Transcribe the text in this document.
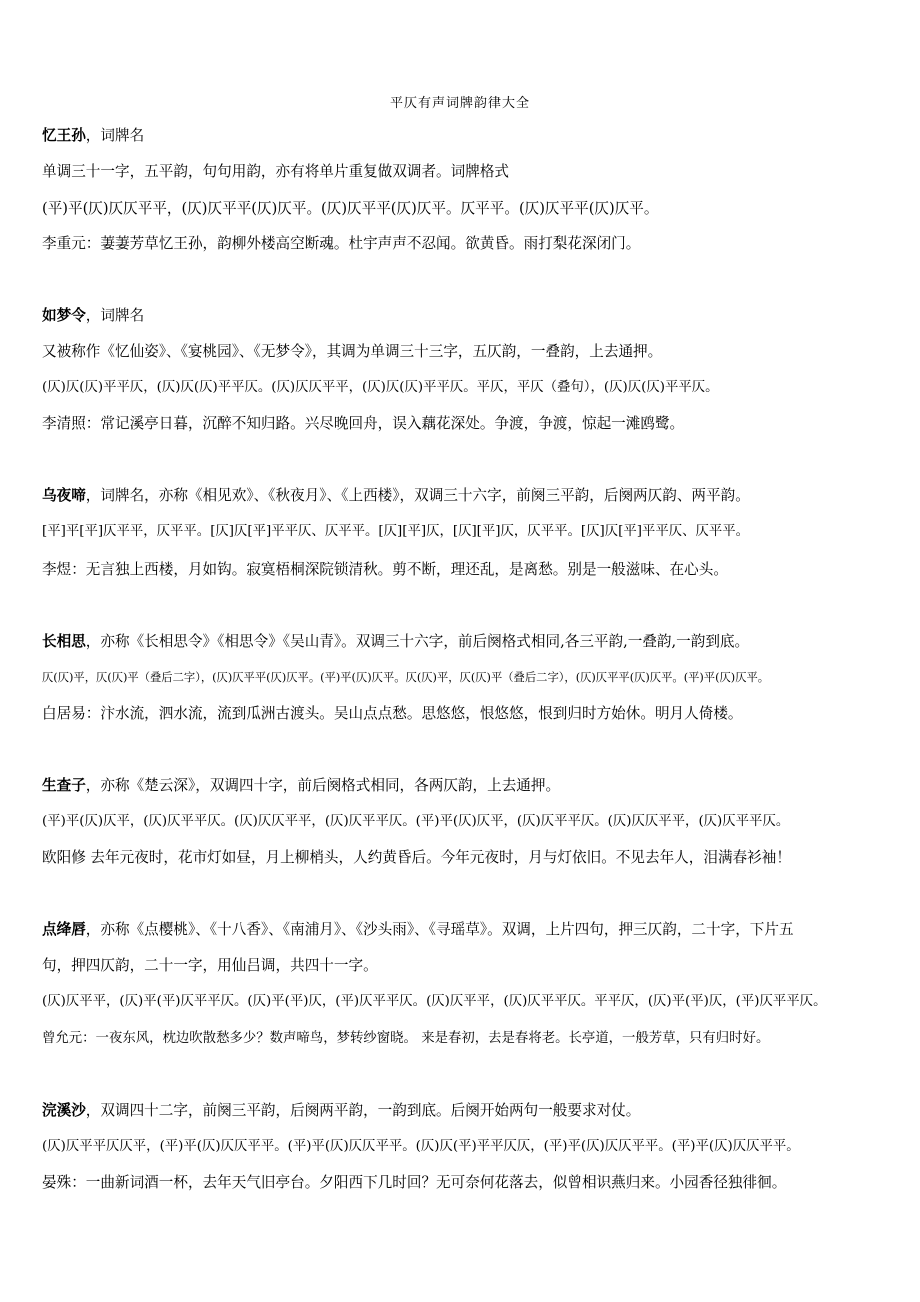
平仄有声词牌韵律大全
忆王孙，词牌名
单调三十一字，五平韵，句句用韵，亦有将单片重复做双调者。词牌格式
(平)平(仄)仄仄平平，(仄)仄平平(仄)仄平。(仄)仄平平(仄)仄平。仄平平。(仄)仄平平(仄)仄平。
李重元：萋萋芳草忆王孙，韵柳外楼高空断魂。杜宇声声不忍闻。欲黄昏。雨打梨花深闭门。
如梦令，词牌名
又被称作《忆仙姿》、《宴桃园》、《无梦令》，其调为单调三十三字，五仄韵，一叠韵，上去通押。
(仄)仄(仄)平平仄，(仄)仄(仄)平平仄。(仄)仄仄平平，(仄)仄(仄)平平仄。平仄，平仄（叠句），(仄)仄(仄)平平仄。
李清照：常记溪亭日暮，沉醉不知归路。兴尽晚回舟，误入藕花深处。争渡，争渡，惊起一滩鸥鹭。
乌夜啼，词牌名，亦称《相见欢》、《秋夜月》、《上西楼》，双调三十六字，前阕三平韵，后阕两仄韵、两平韵。
[平]平[平]仄平平，仄平平。[仄]仄[平]平平仄、仄平平。[仄][平]仄，[仄][平]仄，仄平平。[仄]仄[平]平平仄、仄平平。
李煜：无言独上西楼，月如钩。寂寞梧桐深院锁清秋。剪不断，理还乱，是离愁。别是一般滋味、在心头。
长相思，亦称《长相思令》《相思令》《吴山青》。双调三十六字，前后阕格式相同,各三平韵,一叠韵,一韵到底。
仄(仄)平，仄(仄)平（叠后二字），(仄)仄平平(仄)仄平。(平)平(仄)仄平。仄(仄)平，仄(仄)平（叠后二字），(仄)仄平平(仄)仄平。(平)平(仄)仄平。
白居易：汴水流，泗水流，流到瓜洲古渡头。吴山点点愁。思悠悠，恨悠悠，恨到归时方始休。明月人倚楼。
生查子，亦称《楚云深》，双调四十字，前后阕格式相同，各两仄韵，上去通押。
(平)平(仄)仄平，(仄)仄平平仄。(仄)仄仄平平，(仄)仄平平仄。(平)平(仄)仄平，(仄)仄平平仄。(仄)仄仄平平，(仄)仄平平仄。
欧阳修 去年元夜时，花市灯如昼，月上柳梢头，人约黄昏后。今年元夜时，月与灯依旧。不见去年人，泪满春衫袖！
点绛唇，亦称《点樱桃》、《十八香》、《南浦月》、《沙头雨》、《寻瑶草》。双调，上片四句，押三仄韵，二十字，下片五
句，押四仄韵，二十一字，用仙吕调，共四十一字。
(仄)仄平平，(仄)平(平)仄平平仄。(仄)平(平)仄，(平)仄平平仄。(仄)仄平平，(仄)仄平平仄。平平仄，(仄)平(平)仄，(平)仄平平仄。
曾允元：一夜东风，枕边吹散愁多少？数声啼鸟，梦转纱窗晓。 来是春初，去是春将老。长亭道，一般芳草，只有归时好。
浣溪沙，双调四十二字，前阕三平韵，后阕两平韵，一韵到底。后阕开始两句一般要求对仗。
(仄)仄平平仄仄平，(平)平(仄)仄仄平平。(平)平(仄)仄仄平平。(仄)仄(平)平平仄仄，(平)平(仄)仄仄平平。(平)平(仄)仄仄平平。
晏殊：一曲新词酒一杯，去年天气旧亭台。夕阳西下几时回？无可奈何花落去，似曾相识燕归来。小园香径独徘徊。
